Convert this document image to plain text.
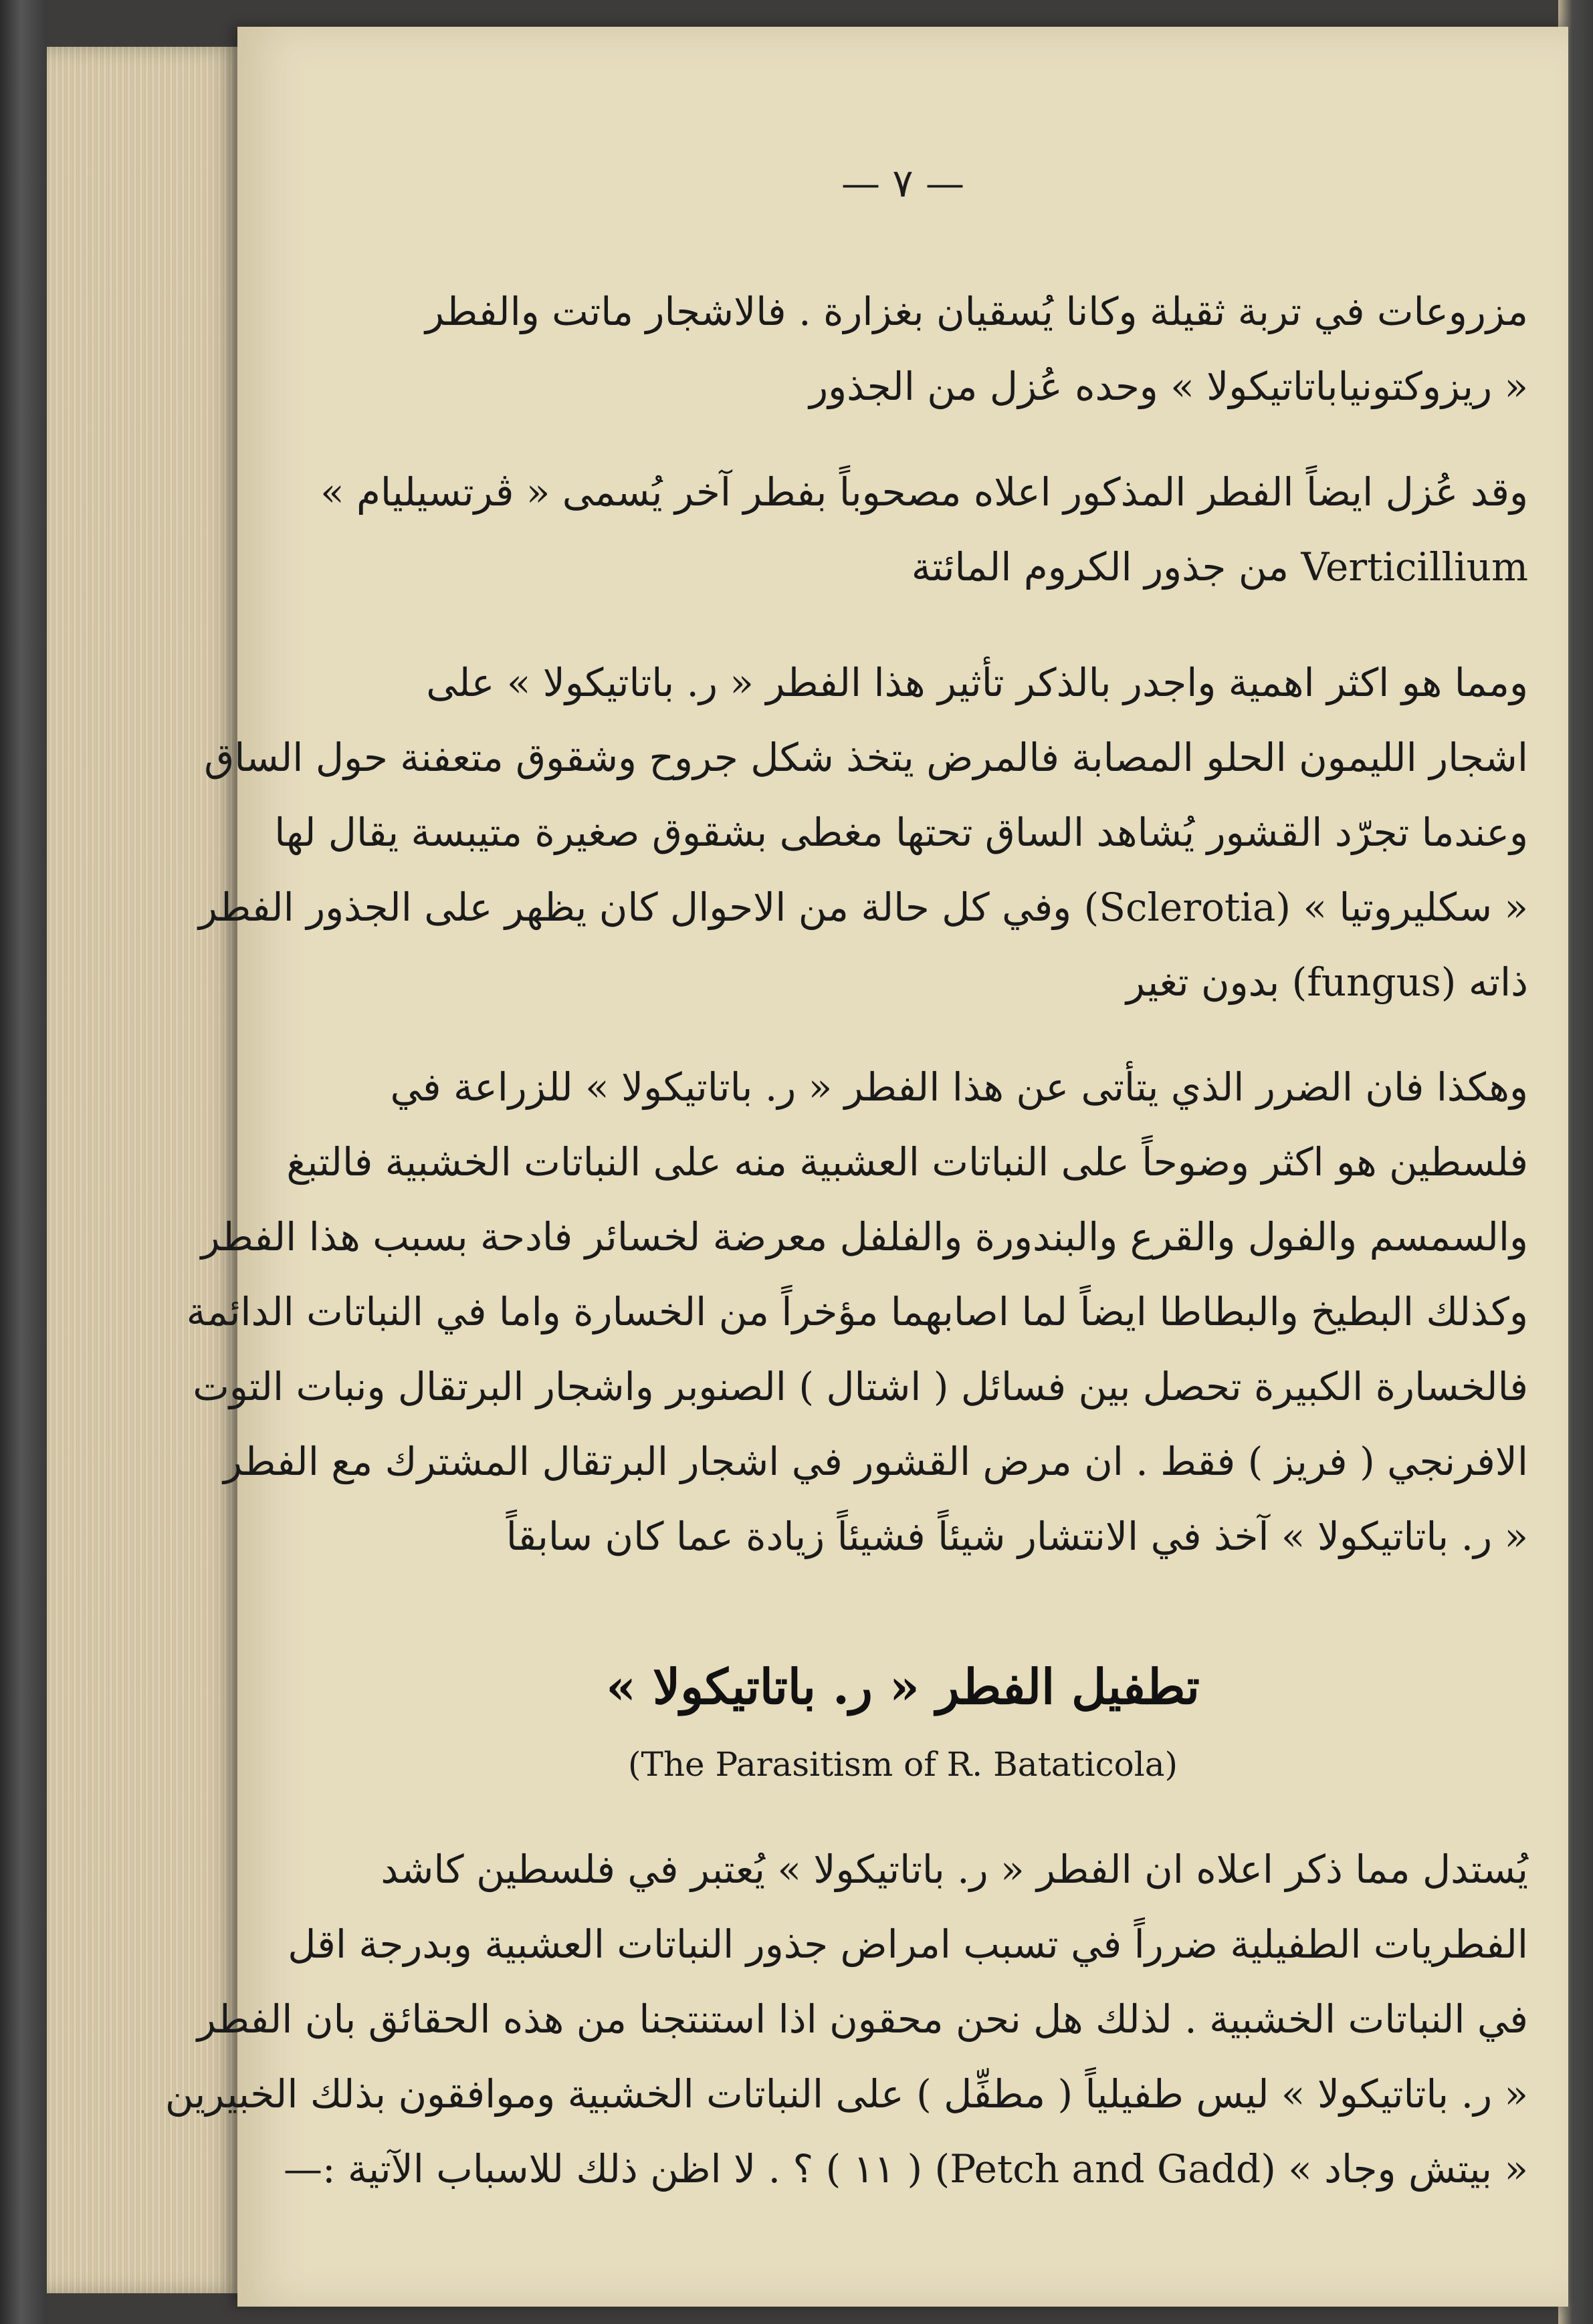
— ٧ —
مزروعات في تربة ثقيلة وكانا يُسقيان بغزارة . فالاشجار ماتت والفطر
« ريزوكتونياباتاتيكولا » وحده عُزل من الجذور
وقد عُزل ايضاً الفطر المذكور اعلاه مصحوباً بفطر آخر يُسمى « ڤرتسيليام »
Verticillium من جذور الكروم المائتة
ومما هو اكثر اهمية واجدر بالذكر تأثير هذا الفطر « ر. باتاتيكولا » على
اشجار الليمون الحلو المصابة فالمرض يتخذ شكل جروح وشقوق متعفنة حول الساق
وعندما تجرّد القشور يُشاهد الساق تحتها مغطى بشقوق صغيرة متيبسة يقال لها
« سكليروتيا » (Sclerotia) وفي كل حالة من الاحوال كان يظهر على الجذور الفطر
ذاته (fungus) بدون تغير
وهكذا فان الضرر الذي يتأتى عن هذا الفطر « ر. باتاتيكولا » للزراعة في
فلسطين هو اكثر وضوحاً على النباتات العشبية منه على النباتات الخشبية فالتبغ
والسمسم والفول والقرع والبندورة والفلفل معرضة لخسائر فادحة بسبب هذا الفطر
وكذلك البطيخ والبطاطا ايضاً لما اصابهما مؤخراً من الخسارة واما في النباتات الدائمة
فالخسارة الكبيرة تحصل بين فسائل ( اشتال ) الصنوبر واشجار البرتقال ونبات التوت
الافرنجي ( فريز ) فقط . ان مرض القشور في اشجار البرتقال المشترك مع الفطر
« ر. باتاتيكولا » آخذ في الانتشار شيئاً فشيئاً زيادة عما كان سابقاً
تطفيل الفطر « ر. باتاتيكولا »
(The Parasitism of R. Bataticola)
يُستدل مما ذكر اعلاه ان الفطر « ر. باتاتيكولا » يُعتبر في فلسطين كاشد
الفطريات الطفيلية ضرراً في تسبب امراض جذور النباتات العشبية وبدرجة اقل
في النباتات الخشبية . لذلك هل نحن محقون اذا استنتجنا من هذه الحقائق بان الفطر
« ر. باتاتيكولا » ليس طفيلياً ( مطفِّل ) على النباتات الخشبية وموافقون بذلك الخبيرين
« بيتش وجاد » (Petch and Gadd) ( ١١ ) ؟ . لا اظن ذلك للاسباب الآتية :—
